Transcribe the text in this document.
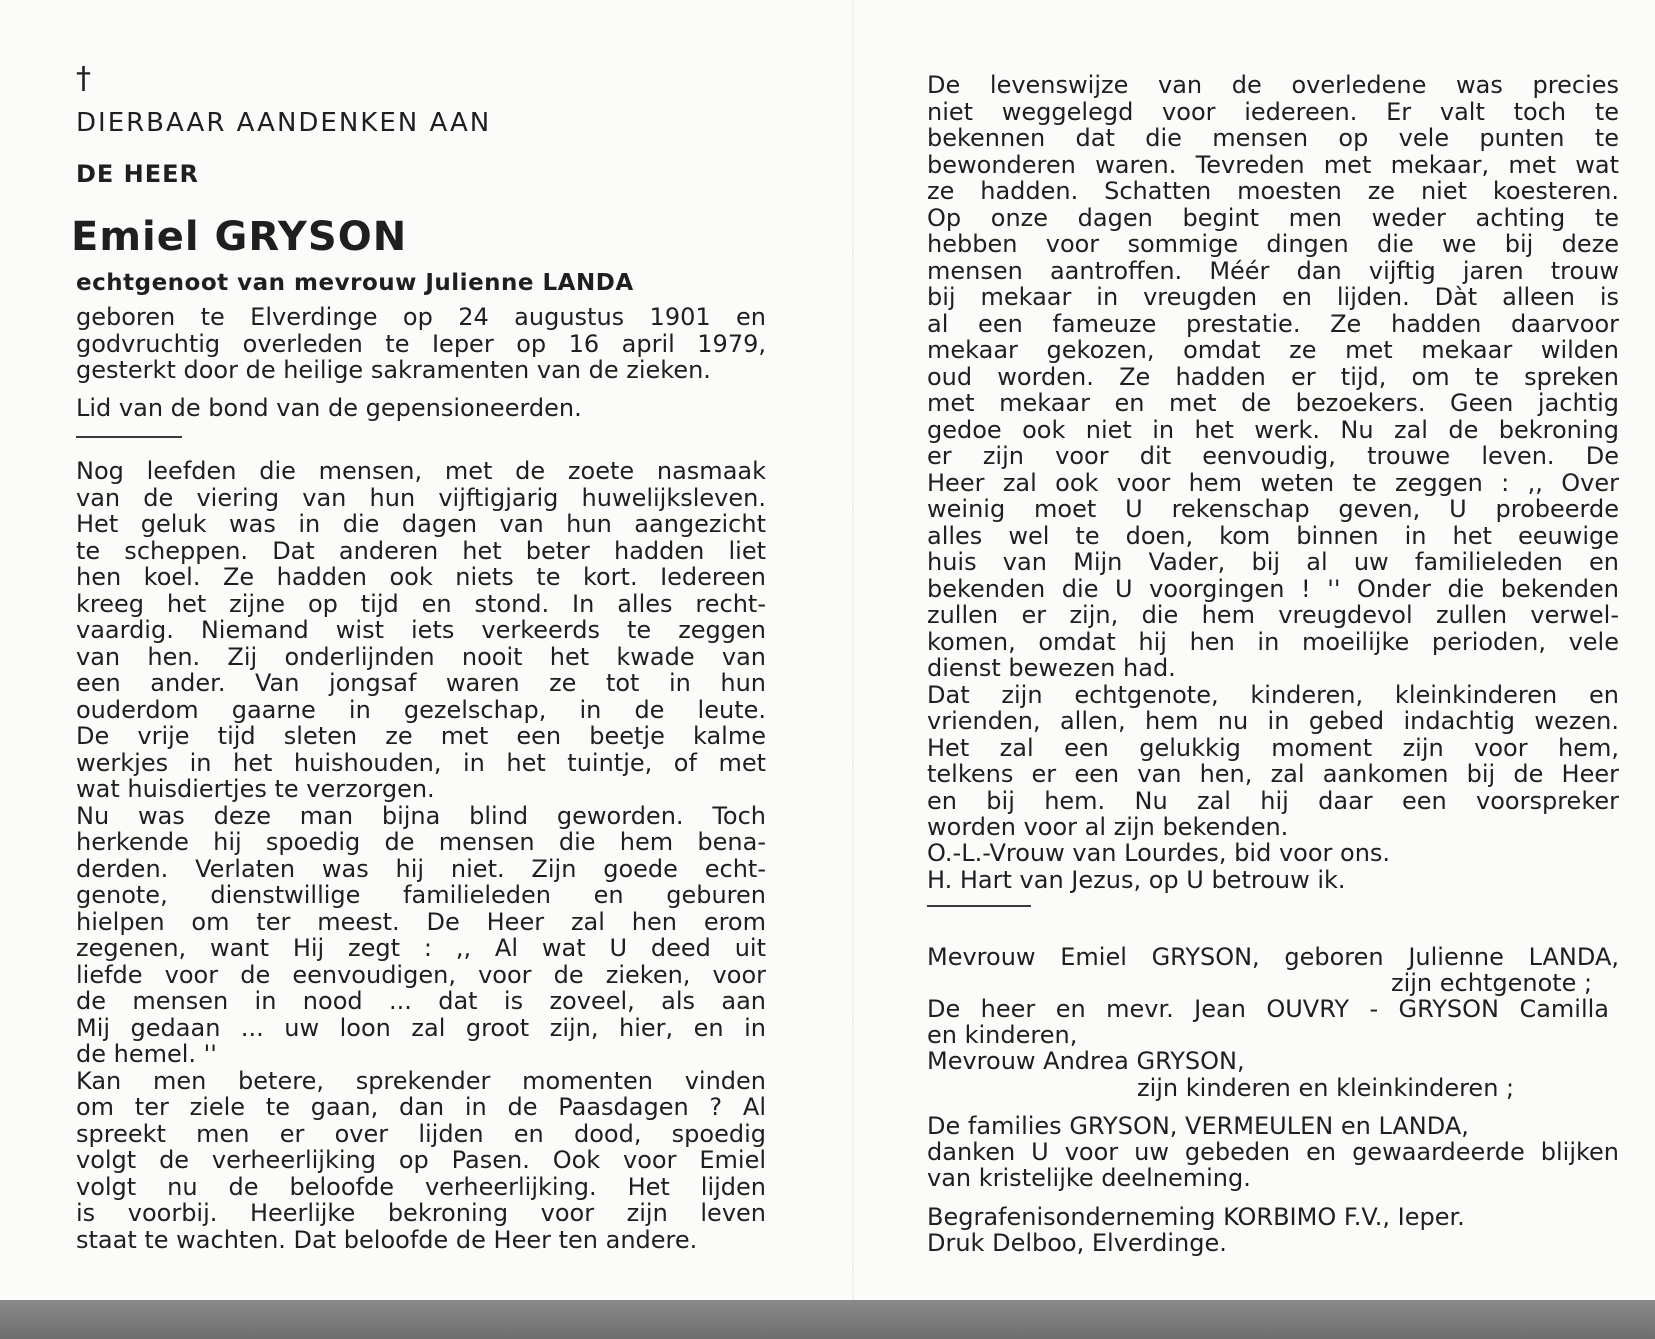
†
DIERBAAR AANDENKEN AAN
DE HEER
Emiel GRYSON
echtgenoot van mevrouw Julienne LANDA
geboren te Elverdinge op 24 augustus 1901 en
godvruchtig overleden te Ieper op 16 april 1979,
gesterkt door de heilige sakramenten van de zieken.
Lid van de bond van de gepensioneerden.
Nog leefden die mensen, met de zoete nasmaak
van de viering van hun vijftigjarig huwelijksleven.
Het geluk was in die dagen van hun aangezicht
te scheppen. Dat anderen het beter hadden liet
hen koel. Ze hadden ook niets te kort. Iedereen
kreeg het zijne op tijd en stond. In alles recht-
vaardig. Niemand wist iets verkeerds te zeggen
van hen. Zij onderlijnden nooit het kwade van
een ander. Van jongsaf waren ze tot in hun
ouderdom gaarne in gezelschap, in de leute.
De vrije tijd sleten ze met een beetje kalme
werkjes in het huishouden, in het tuintje, of met
wat huisdiertjes te verzorgen.
Nu was deze man bijna blind geworden. Toch
herkende hij spoedig de mensen die hem bena-
derden. Verlaten was hij niet. Zijn goede echt-
genote, dienstwillige familieleden en geburen
hielpen om ter meest. De Heer zal hen erom
zegenen, want Hij zegt : ,, Al wat U deed uit
liefde voor de eenvoudigen, voor de zieken, voor
de mensen in nood ... dat is zoveel, als aan
Mij gedaan ... uw loon zal groot zijn, hier, en in
de hemel. ''
Kan men betere, sprekender momenten vinden
om ter ziele te gaan, dan in de Paasdagen ? Al
spreekt men er over lijden en dood, spoedig
volgt de verheerlijking op Pasen. Ook voor Emiel
volgt nu de beloofde verheerlijking. Het lijden
is voorbij. Heerlijke bekroning voor zijn leven
staat te wachten. Dat beloofde de Heer ten andere.
De levenswijze van de overledene was precies
niet weggelegd voor iedereen. Er valt toch te
bekennen dat die mensen op vele punten te
bewonderen waren. Tevreden met mekaar, met wat
ze hadden. Schatten moesten ze niet koesteren.
Op onze dagen begint men weder achting te
hebben voor sommige dingen die we bij deze
mensen aantroffen. Méér dan vijftig jaren trouw
bij mekaar in vreugden en lijden. Dàt alleen is
al een fameuze prestatie. Ze hadden daarvoor
mekaar gekozen, omdat ze met mekaar wilden
oud worden. Ze hadden er tijd, om te spreken
met mekaar en met de bezoekers. Geen jachtig
gedoe ook niet in het werk. Nu zal de bekroning
er zijn voor dit eenvoudig, trouwe leven. De
Heer zal ook voor hem weten te zeggen : ,, Over
weinig moet U rekenschap geven, U probeerde
alles wel te doen, kom binnen in het eeuwige
huis van Mijn Vader, bij al uw familieleden en
bekenden die U voorgingen ! '' Onder die bekenden
zullen er zijn, die hem vreugdevol zullen verwel-
komen, omdat hij hen in moeilijke perioden, vele
dienst bewezen had.
Dat zijn echtgenote, kinderen, kleinkinderen en
vrienden, allen, hem nu in gebed indachtig wezen.
Het zal een gelukkig moment zijn voor hem,
telkens er een van hen, zal aankomen bij de Heer
en bij hem. Nu zal hij daar een voorspreker
worden voor al zijn bekenden.
O.-L.-Vrouw van Lourdes, bid voor ons.
H. Hart van Jezus, op U betrouw ik.
Mevrouw Emiel GRYSON, geboren Julienne LANDA,
zijn echtgenote ;
De heer en mevr. Jean OUVRY - GRYSON Camilla
en kinderen,
Mevrouw Andrea GRYSON,
zijn kinderen en kleinkinderen ;
De families GRYSON, VERMEULEN en LANDA,
danken U voor uw gebeden en gewaardeerde blijken
van kristelijke deelneming.
Begrafenisonderneming KORBIMO F.V., Ieper.
Druk Delboo, Elverdinge.
